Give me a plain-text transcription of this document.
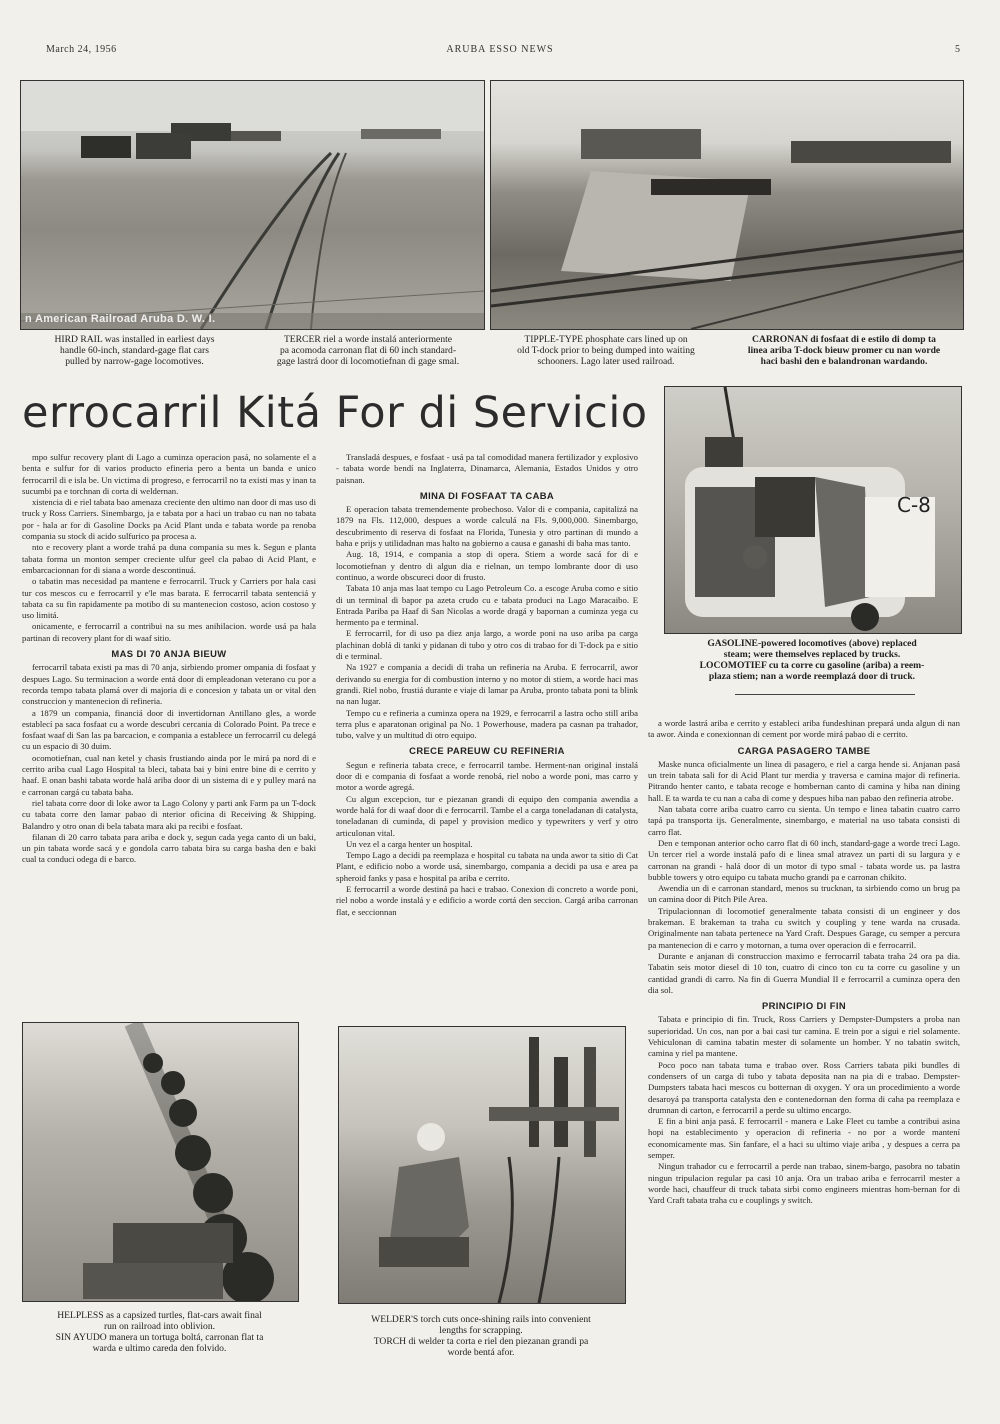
March 24, 1956	ARUBA ESSO NEWS	5
n American Railroad Aruba D. W. I.

HIRD RAIL was installed in earliest days

handle 60-inch, standard-gage flat cars

pulled by narrow-gage locomotives.

TERCER riel a worde instalá anteriormente

pa acomoda carronan flat di 60 inch standard-

gage lastrá door di locomotiefnan di gage smal.

TIPPLE-TYPE phosphate cars lined up on

old T-dock prior to being dumped into waiting

schooners. Lago later used railroad.

CARRONAN di fosfaat di e estilo di domp ta

linea ariba T-dock bieuw promer cu nan worde

haci bashi den e balandronan wardando.

errocarril Kitá For di Servicio
C-8

GASOLINE-powered locomotives (above) replaced

steam; were themselves replaced by trucks.

LOCOMOTIEF cu ta corre cu gasoline (ariba) a reem-

plaza stiem; nan a worde reemplazá door di truck.

mpo sulfur recovery plant di Lago a cuminza operacion pasá, no solamente el a benta e sulfur for di varios producto efineria pero a benta un banda e unico ferrocarril di e isla be. Un victima di progreso, e ferrocarril no ta existi mas y inan ta sucumbi pa e torchnan di corta di weldernan.

xistencia di e riel tabata bao amenaza creciente den ultimo nan door di mas uso di truck y Ross Carriers. Sinembargo, ja e tabata por a haci un trabao cu nan no tabata por - hala ar for di Gasoline Docks pa Acid Plant unda e tabata worde pa renoba compania su stock di acido sulfurico pa procesa a.

nto e recovery plant a worde trahá pa duna compania su mes k. Segun e planta tabata forma un monton semper creciente ulfur geel cla pabao di Acid Plant, e embarcacionnan for di siana a worde descontinuá.

o tabatin mas necesidad pa mantene e ferrocarril. Truck y Carriers por hala casi tur cos mescos cu e ferrocarril y e'le mas barata. E ferrocarril tabata sentenciá y tabata ca su fin rapidamente pa motibo di su mantenecion costoso, acion costoso y uso limitá.

onicamente, e ferrocarril a contribui na su mes anihilacion. worde usá pa hala partinan di recovery plant for di waaf sitio.

MAS DI 70 ANJA BIEUW

ferrocarril tabata existi pa mas di 70 anja, sirbiendo promer ompania di fosfaat y despues Lago. Su terminacion a worde entá door di empleadonan veterano cu por a recorda tempo tabata plamá over di majoria di e concesion y tabata un or vital den construccion y mantenecion di refineria.

a 1879 un compania, financiá door di invertidornan Antillano gles, a worde establecí pa saca fosfaat cu a worde descubri cercania di Colorado Point. Pa trece e fosfaat waaf di San las pa barcacion, e compania a establece un ferrocarril cu delegá cu un espacio di 30 duim.

ocomotiefnan, cual nan ketel y chasis frustiando ainda por le mirá pa nord di e cerrito ariba cual Lago Hospital ta bleci, tabata bai y bini entre bine di e cerrito y haaf. E onan bashi tabata worde halá ariba door di un sistema di e y pulley mará na e carronan cargá cu tabata baha.

riel tabata corre door di loke awor ta Lago Colony y parti ank Farm pa un T-dock cu tabata corre den lamar pabao di nterior oficina di Receiving & Shipping. Balandro y otro onan di bela tabata mara aki pa recibi e fosfaat.

filanan di 20 carro tabata para ariba e dock y, segun cada yega canto di un baki, un pin tabata worde sacá y e gondola carro tabata bira su carga basha den e baki cual ta conduci odega di e barco.

Transladá despues, e fosfaat - usá pa tal comodidad manera fertilizador y explosivo - tabata worde bendí na Inglaterra, Dinamarca, Alemania, Estados Unidos y otro paisnan.

MINA DI FOSFAAT TA CABA

E operacion tabata tremendemente probechoso. Valor di e compania, capitalizá na 1879 na Fls. 112,000, despues a worde calculá na Fls. 9,000,000. Sinembargo, descubrimento di reserva di fosfaat na Florida, Tunesia y otro partinan di mundo a baha e prijs y utilidadnan mas halto na gobierno a causa e ganashi di baha mas tanto.

Aug. 18, 1914, e compania a stop di opera. Stiem a worde sacá for di e locomotiefnan y dentro di algun dia e rielnan, un tempo lombrante door di uso continuo, a worde obscureci door di frusto.

Tabata 10 anja mas laat tempo cu Lago Petroleum Co. a escoge Aruba como e sitio di un terminal di bapor pa azeta crudo cu e tabata produci na Lago Maracaibo. E Entrada Pariba pa Haaf di San Nicolas a worde dragá y bapornan a cuminza yega cu hermento pa e terminal.

E ferrocarril, for di uso pa diez anja largo, a worde poni na uso ariba pa carga plachinan doblá di tanki y pidanan di tubo y otro cos di trabao for di T-dock pa e sitio di e terminal.

Na 1927 e compania a decidi di traha un refineria na Aruba. E ferrocarril, awor derivando su energia for di combustion interno y no motor di stiem, a worde haci mas grandi. Riel nobo, frustiá durante e viaje di lamar pa Aruba, pronto tabata poni ta blink na nan lugar.

Tempo cu e refineria a cuminza opera na 1929, e ferrocarril a lastra ocho still ariba terra plus e aparatonan original pa No. 1 Powerhouse, madera pa casnan pa trahador, tubo, valve y un multitud di otro equipo.

CRECE PAREUW CU REFINERIA

Segun e refineria tabata crece, e ferrocarril tambe. Herment-nan original instalá door di e compania di fosfaat a worde renobá, riel nobo a worde poni, mas carro y motor a worde agregá.

Cu algun excepcion, tur e piezanan grandi di equipo den compania awendia a worde halá for di waaf door di e ferrocarril. Tambe el a carga toneladanan di catalysta, toneladanan di cuminda, di papel y provision medico y typewriters y verf y otro articulonan vital.

Un vez el a carga henter un hospital.

Tempo Lago a decidi pa reemplaza e hospital cu tabata na unda awor ta sitio di Cat Plant, e edificio nobo a worde usá, sinembargo, compania a decidi pa usa e area pa spheroid fanks y pasa e hospital pa ariba e cerrito.

E ferrocarril a worde destiná pa haci e trabao. Conexion di concreto a worde poni, riel nobo a worde instalá y e edificio a worde cortá den seccion. Cargá ariba carronan flat, e seccionnan

a worde lastrá ariba e cerrito y estableci ariba fundeshinan prepará unda algun di nan ta awor. Ainda e conexionnan di cement por worde mirá pabao di e cerrito.

CARGA PASAGERO TAMBE

Maske nunca oficialmente un linea di pasagero, e riel a carga hende si. Anjanan pasá un trein tabata sali for di Acid Plant tur merdia y traversa e camina major di refineria. Pitrando henter canto, e tabata recoge e hombernan canto di camina y hiba nan dining hall. E ta warda te cu nan a caba di come y despues hiba nan pabao den refineria atrobe.

Nan tabata corre ariba cuatro carro cu sienta. Un tempo e linea tabatin cuatro carro tapá pa transporta ijs. Generalmente, sinembargo, e material na uso tabata consisti di carro flat.

Den e temponan anterior ocho carro flat di 60 inch, standard-gage a worde trecí Lago. Un tercer riel a worde instalá pafo di e linea smal atravez un parti di su largura y e carronan na grandi - halá door di un motor di typo smal - tabata worde us. pa lastra bubble towers y otro equipo cu tabata mucho grandi pa e carronan chikito.

Awendia un di e carronan standard, menos su trucknan, ta sirbiendo como un brug pa un camina door di Pitch Pile Area.

Tripulacionnan di locomotief generalmente tabata consisti di un engineer y dos brakeman. E brakeman ta traha cu switch y coupling y tene warda na crusada. Originalmente nan tabata pertenece na Yard Craft. Despues Garage, cu semper a percura pa mantenecion di e carro y motornan, a tuma over operacion di e ferrocarril.

Durante e anjanan di construccion maximo e ferrocarril tabata traha 24 ora pa dia. Tabatin seis motor diesel di 10 ton, cuatro di cinco ton cu ta corre cu gasoline y un cantidad grandi di carro. Na fin di Guerra Mundial II e ferrocarril a cuminza opera den dia sol.

PRINCIPIO DI FIN

Tabata e principio di fin. Truck, Ross Carriers y Dempster-Dumpsters a proba nan superioridad. Un cos, nan por a bai casi tur camina. E trein por a sigui e riel solamente. Vehiculonan di camina tabatin mester di solamente un homber. Y no tabatin switch, camina y riel pa mantene.

Poco poco nan tabata tuma e trabao over. Ross Carriers tabata piki bundles di condensers of un carga di tubo y tabata deposita nan na pia di e trabao. Dempster-Dumpsters tabata haci mescos cu botternan di oxygen. Y ora un procedimiento a worde desaroyá pa transporta catalysta den e contenedornan den forma di caha pa reemplaza e drumnan di carton, e ferrocarril a perde su ultimo encargo.

E fin a bini anja pasá. E ferrocarril - manera e Lake Fleet cu tambe a contribui asina hopi na establecimento y operacion di refineria - no por a worde mantení economicamente mas. Sin fanfare, el a haci su ultimo viaje ariba , y despues a cerra pa semper.

Ningun trahador cu e ferrocarril a perde nan trabao, sinem-bargo, pasobra no tabatin ningun tripulacion regular pa casi 10 anja. Ora un trabao ariba e ferrocarril mester a worde haci, chauffeur di truck tabata sirbi como engineers mientras hom-bernan for di Yard Craft tabata traha cu e couplings y switch.

HELPLESS as a capsized turtles, flat-cars await final

run on railroad into oblivion.

SIN AYUDO manera un tortuga boltá, carronan flat ta

warda e ultimo careda den folvido.

WELDER'S torch cuts once-shining rails into convenient

lengths for scrapping.

TORCH di welder ta corta e riel den piezanan grandi pa

worde bentá afor.
